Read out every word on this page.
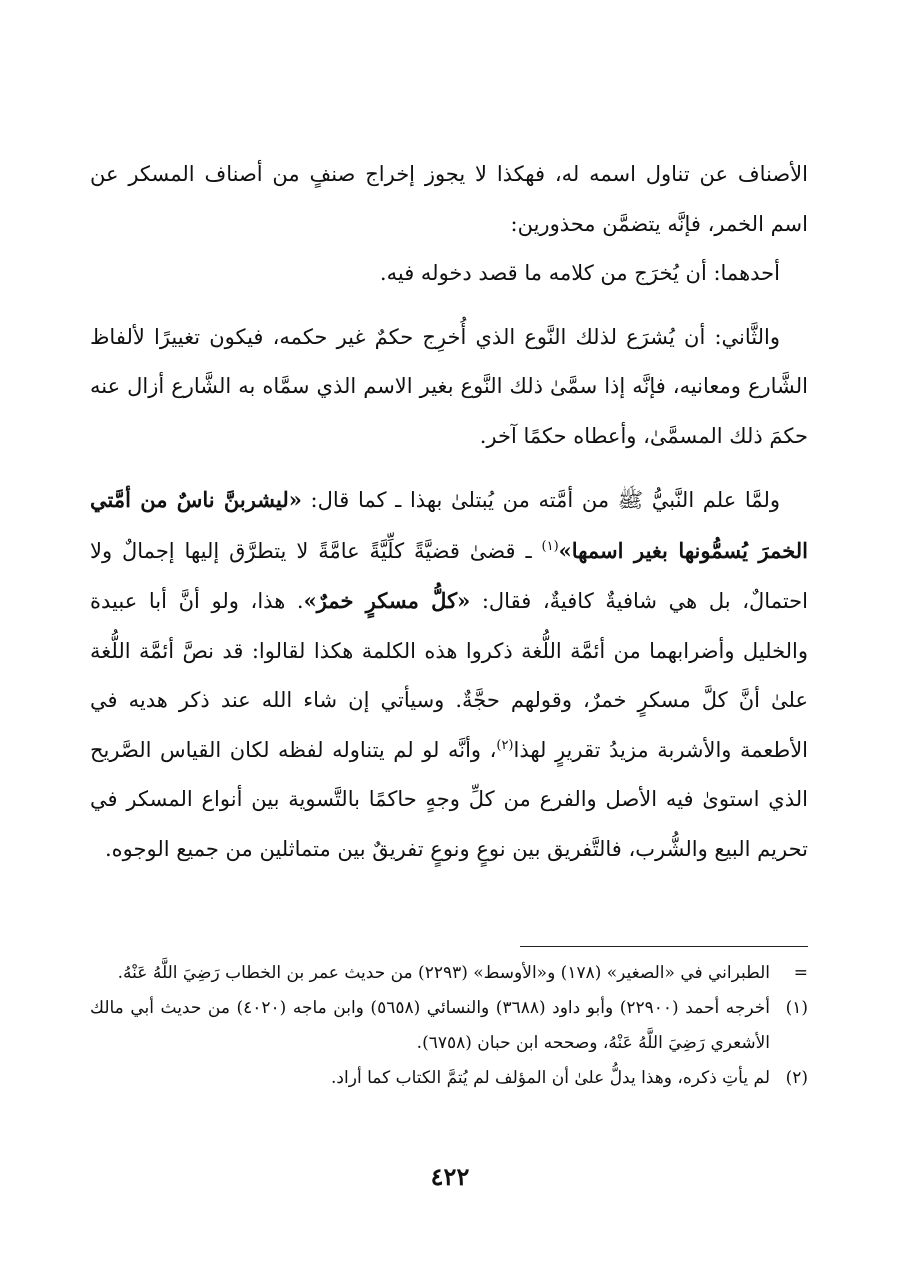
الأصناف عن تناول اسمه له، فهكذا لا يجوز إخراج صنفٍ من أصناف المسكر عن اسم الخمر، فإنَّه يتضمَّن محذورين:

أحدهما: أن يُخرَج من كلامه ما قصد دخوله فيه.

والثَّاني: أن يُشرَع لذلك النَّوع الذي أُخرِج حكمٌ غير حكمه، فيكون تغييرًا لألفاظ الشَّارع ومعانيه، فإنَّه إذا سمَّىٰ ذلك النَّوع بغير الاسم الذي سمَّاه به الشَّارع أزال عنه حكمَ ذلك المسمَّىٰ، وأعطاه حكمًا آخر.

ولمَّا علم النَّبيُّ ﷺ من أمَّته من يُبتلىٰ بهذا ـ كما قال: «ليشربنَّ ناسٌ من أمَّتي الخمرَ يُسمُّونها بغير اسمها»$^{(١)}$ ـ قضىٰ قضيَّةً كلِّيَّةً عامَّةً لا يتطرَّق إليها إجمالٌ ولا احتمالٌ، بل هي شافيةٌ كافيةٌ، فقال: «كلُّ مسكرٍ خمرٌ». هذا، ولو أنَّ أبا عبيدة والخليل وأضرابهما من أئمَّة اللُّغة ذكروا هذه الكلمة هكذا لقالوا: قد نصَّ أئمَّة اللُّغة علىٰ أنَّ كلَّ مسكرٍ خمرٌ، وقولهم حجَّةٌ. وسيأتي إن شاء الله عند ذكر هديه في الأطعمة والأشربة مزيدُ تقريرٍ لهذا$^{(٢)}$، وأنَّه لو لم يتناوله لفظه لكان القياس الصَّريح الذي استوىٰ فيه الأصل والفرع من كلِّ وجهٍ حاكمًا بالتَّسوية بين أنواع المسكر في تحريم البيع والشُّرب، فالتَّفريق بين نوعٍ ونوعٍ تفريقٌ بين متماثلين من جميع الوجوه.

=
الطبراني في «الصغير» (١٧٨) و«الأوسط» (٢٢٩٣) من حديث عمر بن الخطاب رَضِيَ اللَّهُ عَنْهُ.
(١)
أخرجه أحمد (٢٢٩٠٠) وأبو داود (٣٦٨٨) والنسائي (٥٦٥٨) وابن ماجه (٤٠٢٠) من حديث أبي مالك الأشعري رَضِيَ اللَّهُ عَنْهُ، وصححه ابن حبان (٦٧٥٨).
(٢)
لم يأتِ ذكره، وهذا يدلُّ علىٰ أن المؤلف لم يُتمَّ الكتاب كما أراد.
٤٢٢
